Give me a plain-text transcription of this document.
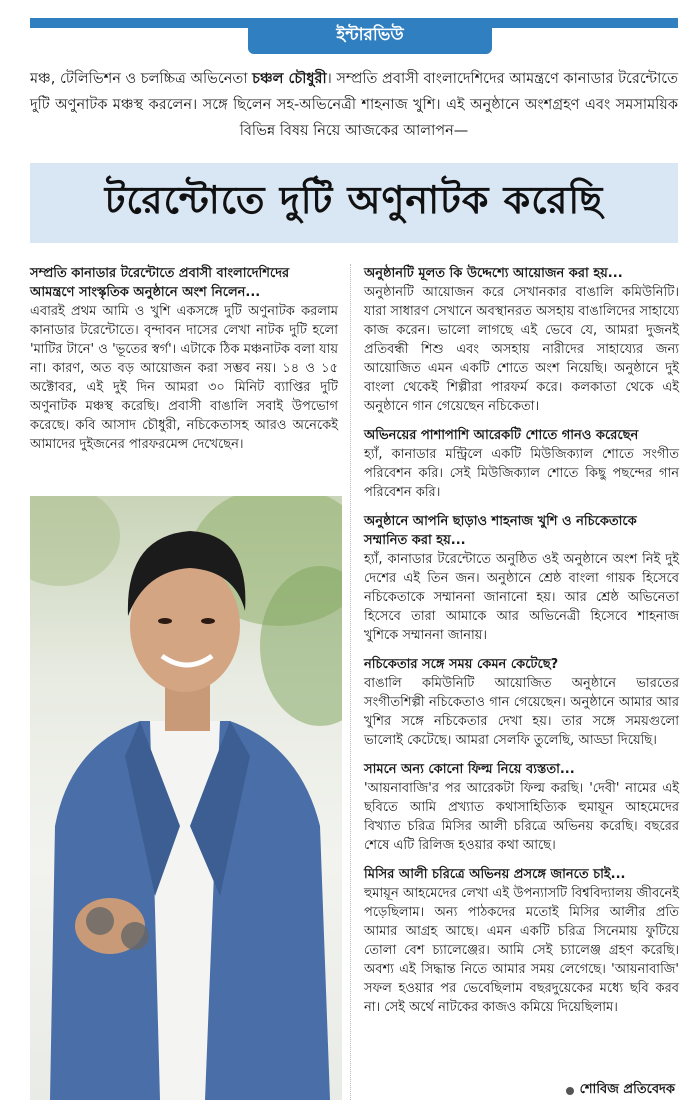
ইন্টারভিউ
মঞ্চ, টেলিভিশন ও চলচ্চিত্র অভিনেতা চঞ্চল চৌধুরী। সম্প্রতি প্রবাসী বাংলাদেশিদের আমন্ত্রণে কানাডার টরেন্টোতে দুটি অণুনাটক মঞ্চস্থ করলেন। সঙ্গে ছিলেন সহ-অভিনেত্রী শাহনাজ খুশি। এই অনুষ্ঠানে অংশগ্রহণ এবং সমসাময়িক বিভিন্ন বিষয় নিয়ে আজকের আলাপন—
টরেন্টোতে দুটি অণুনাটক করেছি

সম্প্রতি কানাডার টরেন্টোতে প্রবাসী বাংলাদেশিদের আমন্ত্রণে সাংস্কৃতিক অনুষ্ঠানে অংশ নিলেন...

এবারই প্রথম আমি ও খুশি একসঙ্গে দুটি অণুনাটক করলাম কানাডার টরেন্টোতে। বৃন্দাবন দাসের লেখা নাটক দুটি হলো 'মাটির টানে' ও 'ভূতের স্বর্গ'। এটাকে ঠিক মঞ্চনাটক বলা যায় না। কারণ, অত বড় আয়োজন করা সম্ভব নয়। ১৪ ও ১৫ অক্টোবর, এই দুই দিন আমরা ৩০ মিনিট ব্যাপ্তির দুটি অণুনাটক মঞ্চস্থ করেছি। প্রবাসী বাঙালি সবাই উপভোগ করেছে। কবি আসাদ চৌধুরী, নচিকেতাসহ আরও অনেকেই আমাদের দুইজনের পারফরমেন্স দেখেছেন।

অনুষ্ঠানটি মূলত কি উদ্দেশ্যে আয়োজন করা হয়...

অনুষ্ঠানটি আয়োজন করে সেখানকার বাঙালি কমিউনিটি। যারা সাধারণ সেখানে অবস্থানরত অসহায় বাঙালিদের সাহায্যে কাজ করেন। ভালো লাগছে এই ভেবে যে, আমরা দুজনই প্রতিবন্ধী শিশু এবং অসহায় নারীদের সাহায্যের জন্য আয়োজিত এমন একটি শোতে অংশ নিয়েছি। অনুষ্ঠানে দুই বাংলা থেকেই শিল্পীরা পারফর্ম করে। কলকাতা থেকে এই অনুষ্ঠানে গান গেয়েছেন নচিকেতা।

অভিনয়ের পাশাপাশি আরেকটি শোতে গানও করেছেন

হ্যাঁ, কানাডার মন্ট্রিলে একটি মিউজিক্যাল শোতে সংগীত পরিবেশন করি। সেই মিউজিক্যাল শোতে কিছু পছন্দের গান পরিবেশন করি।

অনুষ্ঠানে আপনি ছাড়াও শাহনাজ খুশি ও নচিকেতাকে সম্মানিত করা হয়...

হ্যাঁ, কানাডার টরেন্টোতে অনুষ্ঠিত ওই অনুষ্ঠানে অংশ নিই দুই দেশের এই তিন জন। অনুষ্ঠানে শ্রেষ্ঠ বাংলা গায়ক হিসেবে নচিকেতাকে সম্মাননা জানানো হয়। আর শ্রেষ্ঠ অভিনেতা হিসেবে তারা আমাকে আর অভিনেত্রী হিসেবে শাহনাজ খুশিকে সম্মাননা জানায়।

নচিকেতার সঙ্গে সময় কেমন কেটেছে?

বাঙালি কমিউনিটি আয়োজিত অনুষ্ঠানে ভারতের সংগীতশিল্পী নচিকেতাও গান গেয়েছেন। অনুষ্ঠানে আমার আর খুশির সঙ্গে নচিকেতার দেখা হয়। তার সঙ্গে সময়গুলো ভালোই কেটেছে। আমরা সেলফি তুলেছি, আড্ডা দিয়েছি।

সামনে অন্য কোনো ফিল্ম নিয়ে ব্যস্ততা...

'আয়নাবাজি'র পর আরেকটা ফিল্ম করছি। 'দেবী' নামের এই ছবিতে আমি প্রখ্যাত কথাসাহিত্যিক হুমায়ূন আহমেদের বিখ্যাত চরিত্র মিসির আলী চরিত্রে অভিনয় করেছি। বছরের শেষে এটি রিলিজ হওয়ার কথা আছে।

মিসির আলী চরিত্রে অভিনয় প্রসঙ্গে জানতে চাই...

হুমায়ূন আহমেদের লেখা এই উপন্যাসটি বিশ্ববিদ্যালয় জীবনেই পড়েছিলাম। অন্য পাঠকদের মতোই মিসির আলীর প্রতি আমার আগ্রহ আছে। এমন একটি চরিত্র সিনেমায় ফুটিয়ে তোলা বেশ চ্যালেঞ্জের। আমি সেই চ্যালেঞ্জ গ্রহণ করেছি। অবশ্য এই সিদ্ধান্ত নিতে আমার সময় লেগেছে। 'আয়নাবাজি' সফল হওয়ার পর ভেবেছিলাম বছরদুয়েকের মধ্যে ছবি করব না। সেই অর্থে নাটকের কাজও কমিয়ে দিয়েছিলাম।

শোবিজ প্রতিবেদক
